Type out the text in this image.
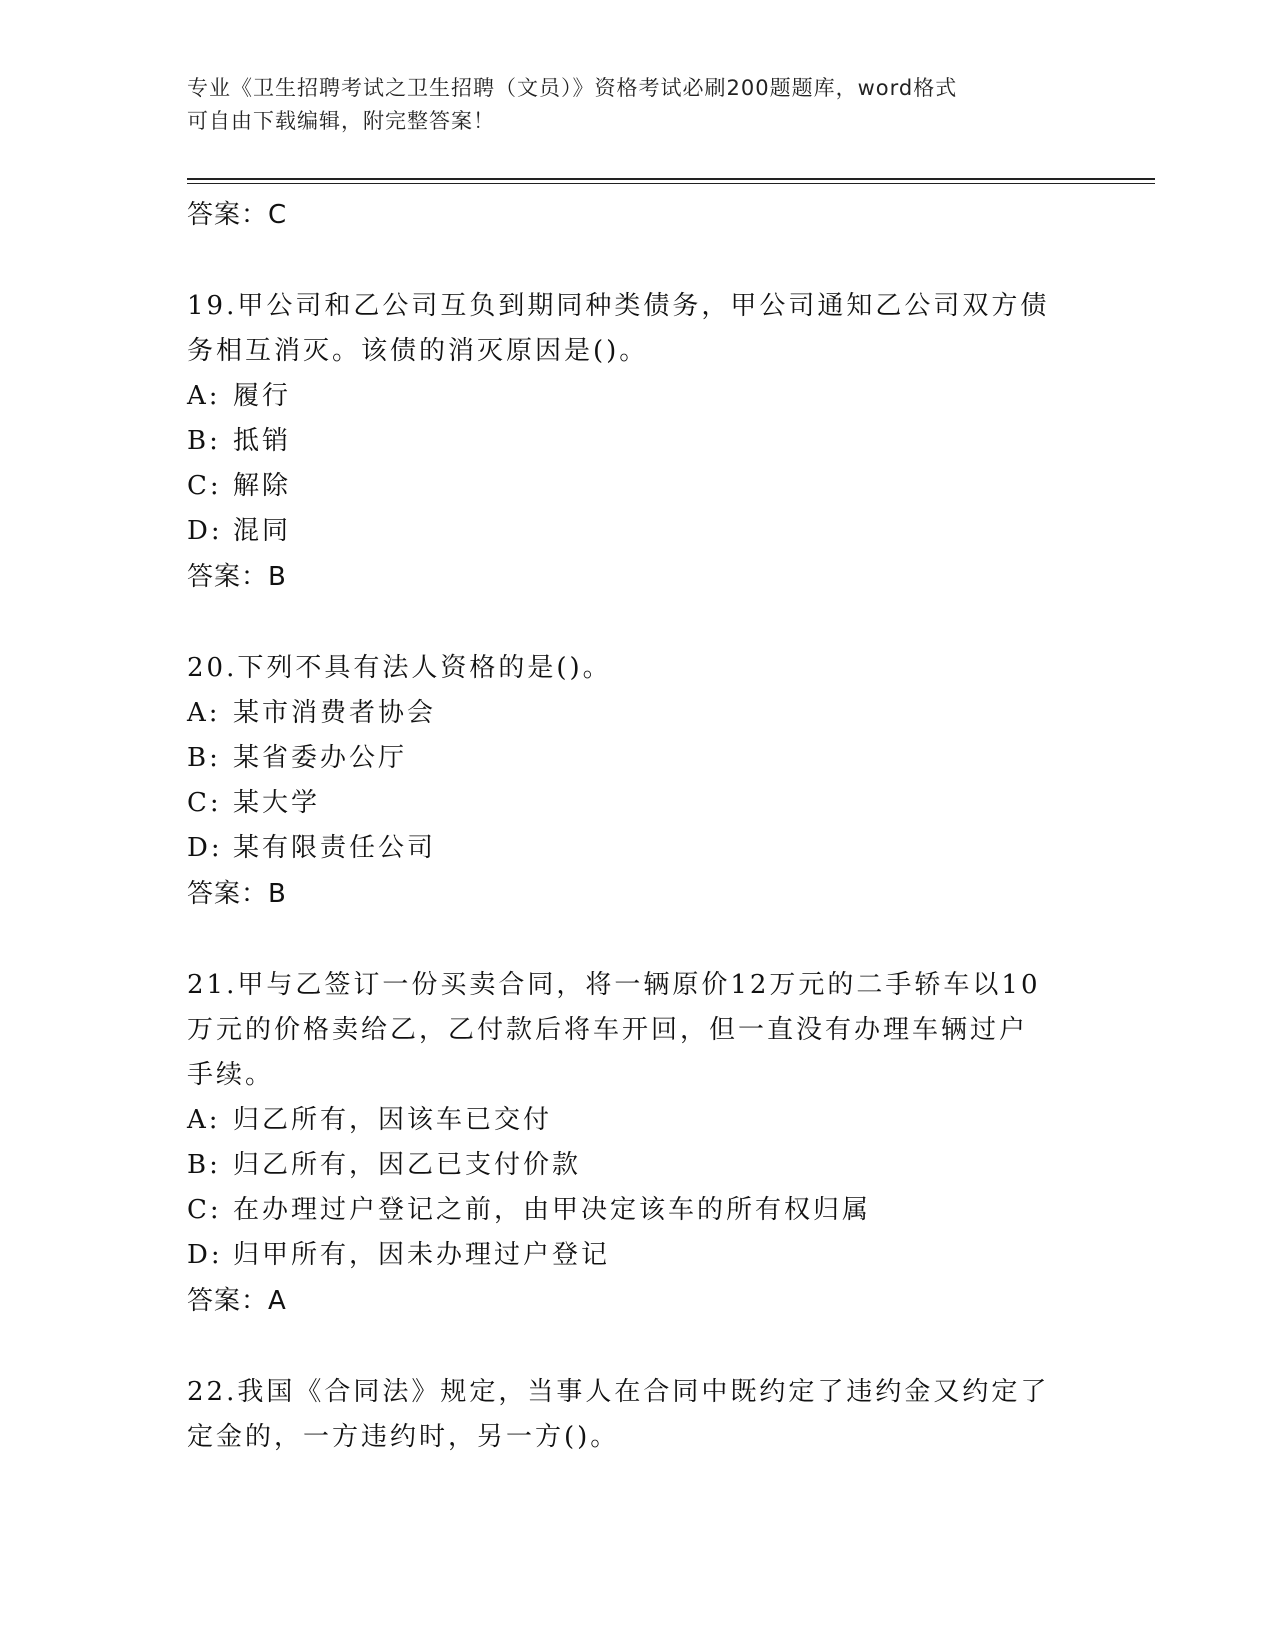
专业《卫生招聘考试之卫生招聘（文员）》资格考试必刷200题题库，word格式
可自由下载编辑，附完整答案！
答案：C
19.甲公司和乙公司互负到期同种类债务，甲公司通知乙公司双方债务相互消灭。该债的消灭原因是()。
A: 履行
B: 抵销
C: 解除
D: 混同
答案：B
20.下列不具有法人资格的是()。
A: 某市消费者协会
B: 某省委办公厅
C: 某大学
D: 某有限责任公司
答案：B
21.甲与乙签订一份买卖合同，将一辆原价12万元的二手轿车以10万元的价格卖给乙，乙付款后将车开回，但一直没有办理车辆过户手续。
A: 归乙所有，因该车已交付
B: 归乙所有，因乙已支付价款
C: 在办理过户登记之前，由甲决定该车的所有权归属
D: 归甲所有，因未办理过户登记
答案：A
22.我国《合同法》规定，当事人在合同中既约定了违约金又约定了定金的，一方违约时，另一方()。
